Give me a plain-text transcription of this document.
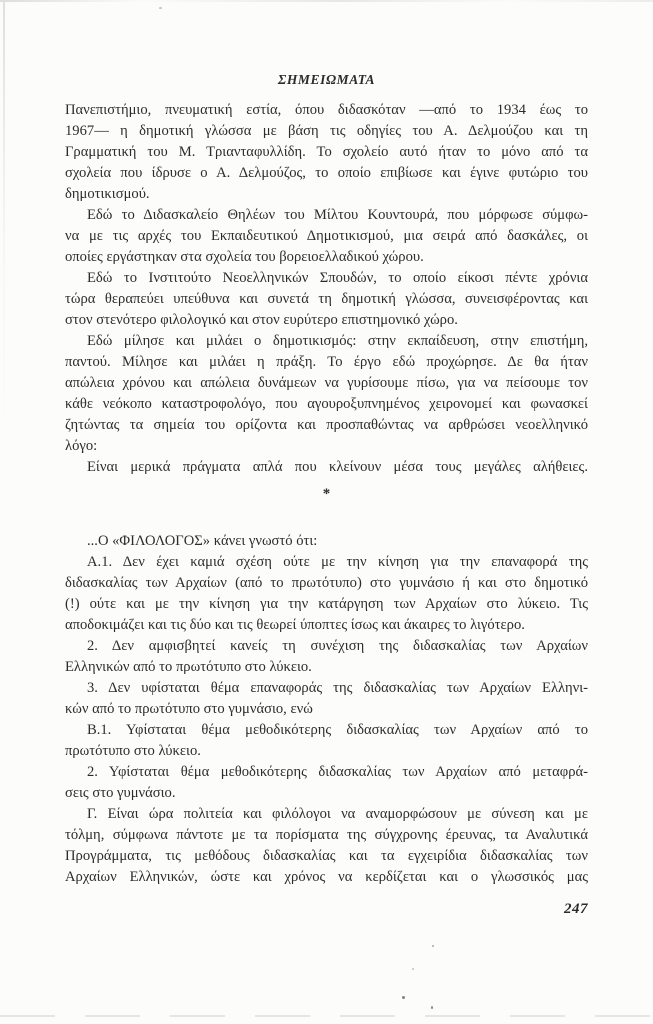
ΣΗΜΕΙΩΜΑΤΑ
Πανεπιστήμιο, πνευματική εστία, όπου διδασκόταν —από το 1934 έως το
1967— η δημοτική γλώσσα με βάση τις οδηγίες του Α. Δελμούζου και τη
Γραμματική του Μ. Τριανταφυλλίδη. Το σχολείο αυτό ήταν το μόνο από τα
σχολεία που ίδρυσε ο Α. Δελμούζος, το οποίο επιβίωσε και έγινε φυτώριο του
δημοτικισμού.
Εδώ το Διδασκαλείο Θηλέων του Μίλτου Κουντουρά, που μόρφωσε σύμφω-
να με τις αρχές του Εκπαιδευτικού Δημοτικισμού, μια σειρά από δασκάλες, οι
οποίες εργάστηκαν στα σχολεία του βορειοελλαδικού χώρου.
Εδώ το Ινστιτούτο Νεοελληνικών Σπουδών, το οποίο είκοσι πέντε χρόνια
τώρα θεραπεύει υπεύθυνα και συνετά τη δημοτική γλώσσα, συνεισφέροντας και
στον στενότερο φιλολογικό και στον ευρύτερο επιστημονικό χώρο.
Εδώ μίλησε και μιλάει ο δημοτικισμός: στην εκπαίδευση, στην επιστήμη,
παντού. Μίλησε και μιλάει η πράξη. Το έργο εδώ προχώρησε. Δε θα ήταν
απώλεια χρόνου και απώλεια δυνάμεων να γυρίσουμε πίσω, για να πείσουμε τον
κάθε νεόκοπο καταστροφολόγο, που αγουροξυπνημένος χειρονομεί και φωνασκεί
ζητώντας τα σημεία του ορίζοντα και προσπαθώντας να αρθρώσει νεοελληνικό
λόγο:
Είναι μερικά πράγματα απλά που κλείνουν μέσα τους μεγάλες αλήθειες.
*
...Ο «ΦΙΛΟΛΟΓΟΣ» κάνει γνωστό ότι:
Α.1. Δεν έχει καμιά σχέση ούτε με την κίνηση για την επαναφορά της
διδασκαλίας των Αρχαίων (από το πρωτότυπο) στο γυμνάσιο ή και στο δημοτικό
(!) ούτε και με την κίνηση για την κατάργηση των Αρχαίων στο λύκειο. Τις
αποδοκιμάζει και τις δύο και τις θεωρεί ύποπτες ίσως και άκαιρες το λιγότερο.
2. Δεν αμφισβητεί κανείς τη συνέχιση της διδασκαλίας των Αρχαίων
Ελληνικών από το πρωτότυπο στο λύκειο.
3. Δεν υφίσταται θέμα επαναφοράς της διδασκαλίας των Αρχαίων Ελληνι-
κών από το πρωτότυπο στο γυμνάσιο, ενώ
Β.1. Υφίσταται θέμα μεθοδικότερης διδασκαλίας των Αρχαίων από το
πρωτότυπο στο λύκειο.
2. Υφίσταται θέμα μεθοδικότερης διδασκαλίας των Αρχαίων από μεταφρά-
σεις στο γυμνάσιο.
Γ. Είναι ώρα πολιτεία και φιλόλογοι να αναμορφώσουν με σύνεση και με
τόλμη, σύμφωνα πάντοτε με τα πορίσματα της σύγχρονης έρευνας, τα Αναλυτικά
Προγράμματα, τις μεθόδους διδασκαλίας και τα εγχειρίδια διδασκαλίας των
Αρχαίων Ελληνικών, ώστε και χρόνος να κερδίζεται και ο γλωσσικός μας
247
